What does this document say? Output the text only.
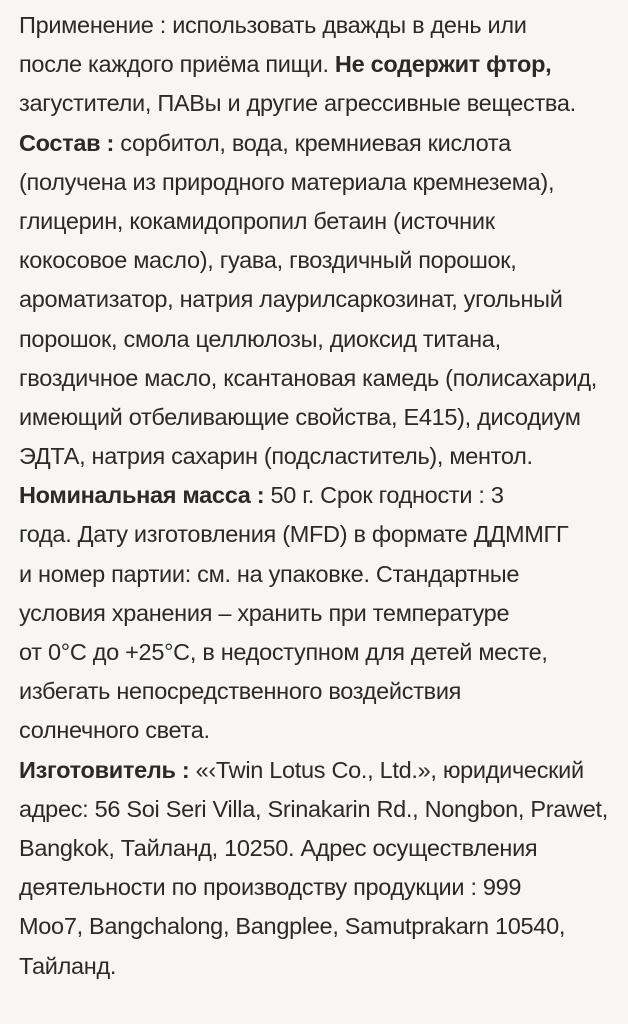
Применение : использовать дважды в день или
после каждого приёма пищи. Не содержит фтор,
загустители, ПАВы и другие агрессивные вещества.
Состав : сорбитол, вода, кремниевая кислота
(получена из природного материала кремнезема),
глицерин, кокамидопропил бетаин (источник
кокосовое масло), гуава, гвоздичный порошок,
ароматизатор, натрия лаурилсаркозинат, угольный
порошок, смола целлюлозы, диоксид титана,
гвоздичное масло, ксантановая камедь (полисахарид,
имеющий отбеливающие свойства, E415), дисодиум
ЭДТА, натрия сахарин (подсластитель), ментол.
Номинальная масса : 50 г. Срок годности : 3
года. Дату изготовления (MFD) в формате ДДММГГ
и номер партии: см. на упаковке. Стандартные
условия хранения – хранить при температуре
от 0°С до +25°С, в недоступном для детей месте,
избегать непосредственного воздействия
солнечного света.
Изготовитель : «‹Twin Lotus Co., Ltd.», юридический
адрес: 56 Soi Seri Villa, Srinakarin Rd., Nongbon, Prawet,
Bangkok, Тайланд, 10250. Адрес осуществления
деятельности по производству продукции : 999
Moo7, Bangchalong, Bangplee, Samutprakarn 10540,
Тайланд.
